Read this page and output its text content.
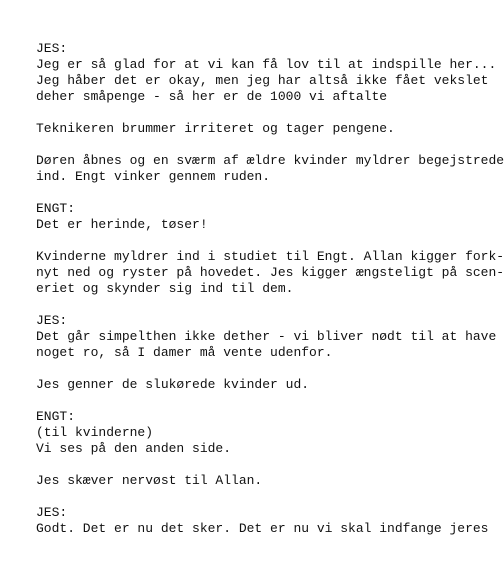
JES:
Jeg er så glad for at vi kan få lov til at indspille her...
Jeg håber det er okay, men jeg har altså ikke fået vekslet
deher småpenge - så her er de 1000 vi aftalte
Teknikeren brummer irriteret og tager pengene.
Døren åbnes og en sværm af ældre kvinder myldrer begejstrede
ind. Engt vinker gennem ruden.
ENGT:
Det er herinde, tøser!
Kvinderne myldrer ind i studiet til Engt. Allan kigger fork-
nyt ned og ryster på hovedet. Jes kigger ængsteligt på scen-
eriet og skynder sig ind til dem.
JES:
Det går simpelthen ikke dether - vi bliver nødt til at have
noget ro, så I damer må vente udenfor.
Jes genner de slukørede kvinder ud.
ENGT:
(til kvinderne)
Vi ses på den anden side.
Jes skæver nervøst til Allan.
JES:
Godt. Det er nu det sker. Det er nu vi skal indfange jeres
